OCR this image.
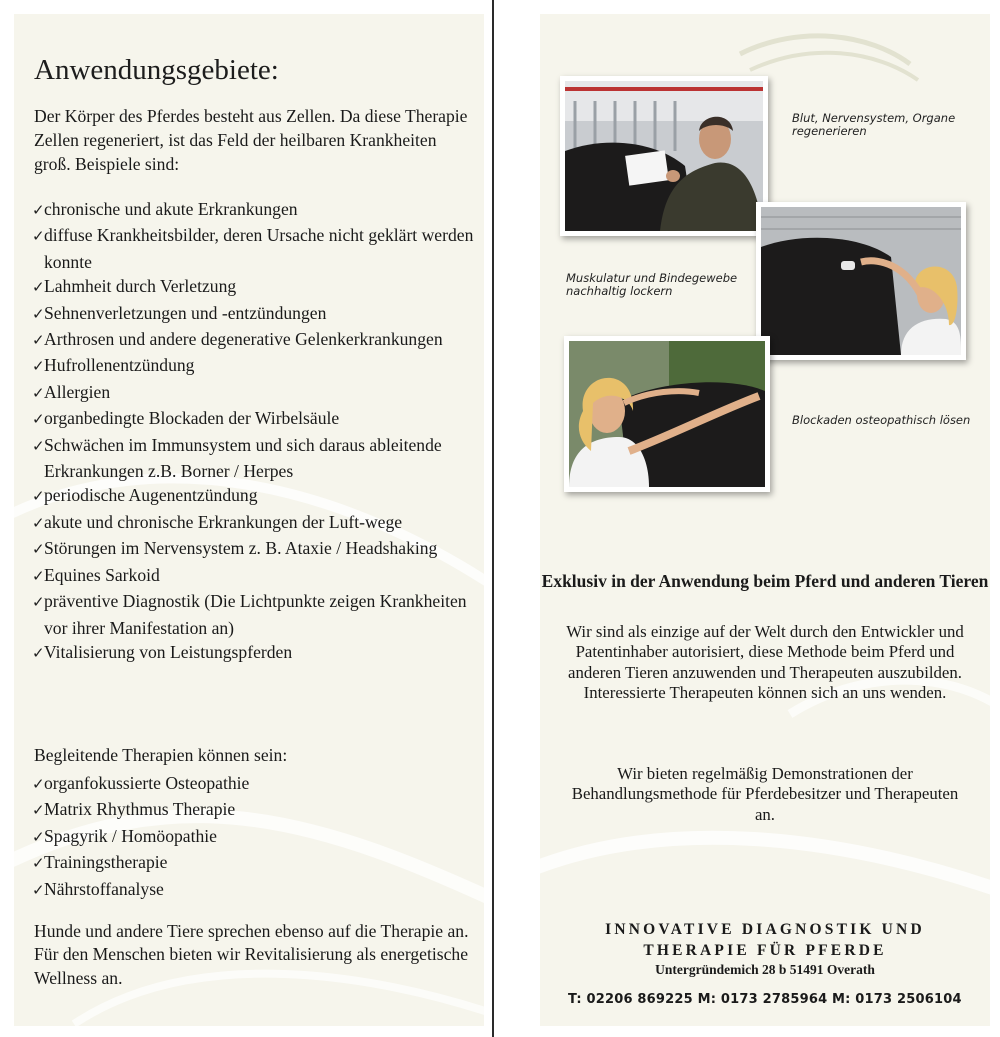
Anwendungsgebiete:

Der Körper des Pferdes besteht aus Zellen. Da diese Therapie Zellen regeneriert, ist das Feld der heilbaren Krankheiten groß. Beispiele sind:

✓chronische und akute Erkrankungen
✓diffuse Krankheitsbilder, deren Ursache nicht geklärt werden konnte
✓Lahmheit durch Verletzung
✓Sehnenverletzungen und -entzündungen
✓Arthrosen und andere degenerative Gelenkerkrankungen
✓Hufrollenentzündung
✓Allergien
✓organbedingte Blockaden der Wirbelsäule
✓Schwächen im Immunsystem und sich daraus ableitende Erkrankungen z.B. Borner / Herpes
✓periodische Augenentzündung
✓akute und chronische Erkrankungen der Luft-wege
✓Störungen im Nervensystem z. B. Ataxie / Headshaking
✓Equines Sarkoid
✓präventive Diagnostik (Die Lichtpunkte zeigen Krankheiten vor ihrer Manifestation an)
✓Vitalisierung von Leistungspferden

Begleitende Therapien können sein:

✓organfokussierte Osteopathie
✓Matrix Rhythmus Therapie
✓Spagyrik / Homöopathie
✓Trainingstherapie
✓Nährstoffanalyse

Hunde und andere Tiere sprechen ebenso auf die Therapie an.
Für den Menschen bieten wir Revitalisierung als energetische Wellness an.

Blut, Nervensystem, Organe regenerieren

Muskulatur und Bindegewebe nachhaltig lockern

Blockaden osteopathisch lösen

Exklusiv in der Anwendung beim Pferd und anderen Tieren

Wir sind als einzige auf der Welt durch den Entwickler und Patentinhaber autorisiert, diese Methode beim Pferd und anderen Tieren anzuwenden und Therapeuten auszubilden. Interessierte Therapeuten können sich an uns wenden.

Wir bieten regelmäßig Demonstrationen der Behandlungsmethode für Pferdebesitzer und Therapeuten an.

INNOVATIVE DIAGNOSTIK UND
THERAPIE FÜR PFERDE

Untergründemich 28 b 51491 Overath

T: 02206 869225 M: 0173 2785964 M: 0173 2506104
